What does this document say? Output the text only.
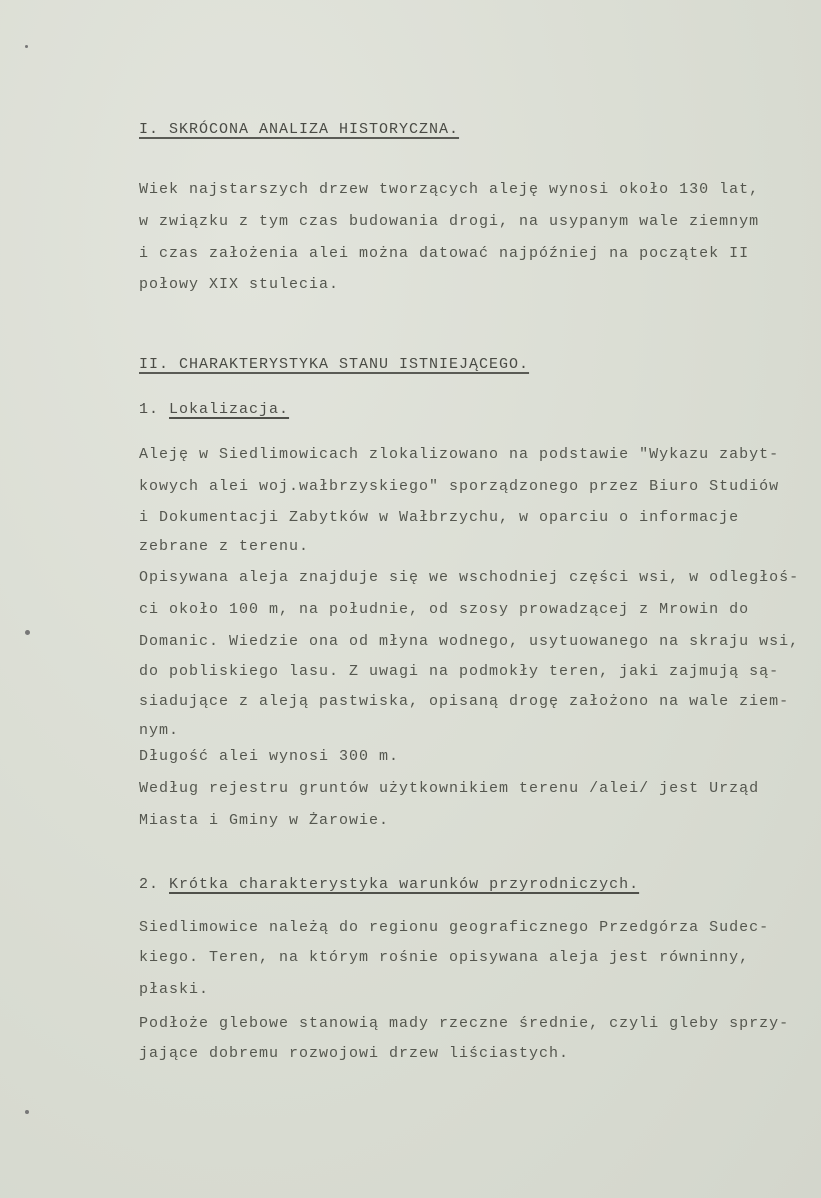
I. SKRÓCONA ANALIZA HISTORYCZNA.
Wiek najstarszych drzew tworzących aleję wynosi około 130 lat,
w związku z tym czas budowania drogi, na usypanym wale ziemnym
i czas założenia alei można datować najpóźniej na początek II
połowy XIX stulecia.
II. CHARAKTERYSTYKA STANU ISTNIEJĄCEGO.
1. Lokalizacja.
Aleję w Siedlimowicach zlokalizowano na podstawie "Wykazu zabyt-
kowych alei woj.wałbrzyskiego" sporządzonego przez Biuro Studiów
i Dokumentacji Zabytków w Wałbrzychu, w oparciu o informacje
zebrane z terenu.
Opisywana aleja znajduje się we wschodniej części wsi, w odległoś-
ci około 100 m, na południe, od szosy prowadzącej z Mrowin do
Domanic. Wiedzie ona od młyna wodnego, usytuowanego na skraju wsi,
do pobliskiego lasu. Z uwagi na podmokły teren, jaki zajmują są-
siadujące z aleją pastwiska, opisaną drogę założono na wale ziem-
nym.
Długość alei wynosi 300 m.
Według rejestru gruntów użytkownikiem terenu /alei/ jest Urząd
Miasta i Gminy w Żarowie.
2. Krótka charakterystyka warunków przyrodniczych.
Siedlimowice należą do regionu geograficznego Przedgórza Sudec-
kiego. Teren, na którym rośnie opisywana aleja jest równinny,
płaski.
Podłoże glebowe stanowią mady rzeczne średnie, czyli gleby sprzy-
jające dobremu rozwojowi drzew liściastych.
